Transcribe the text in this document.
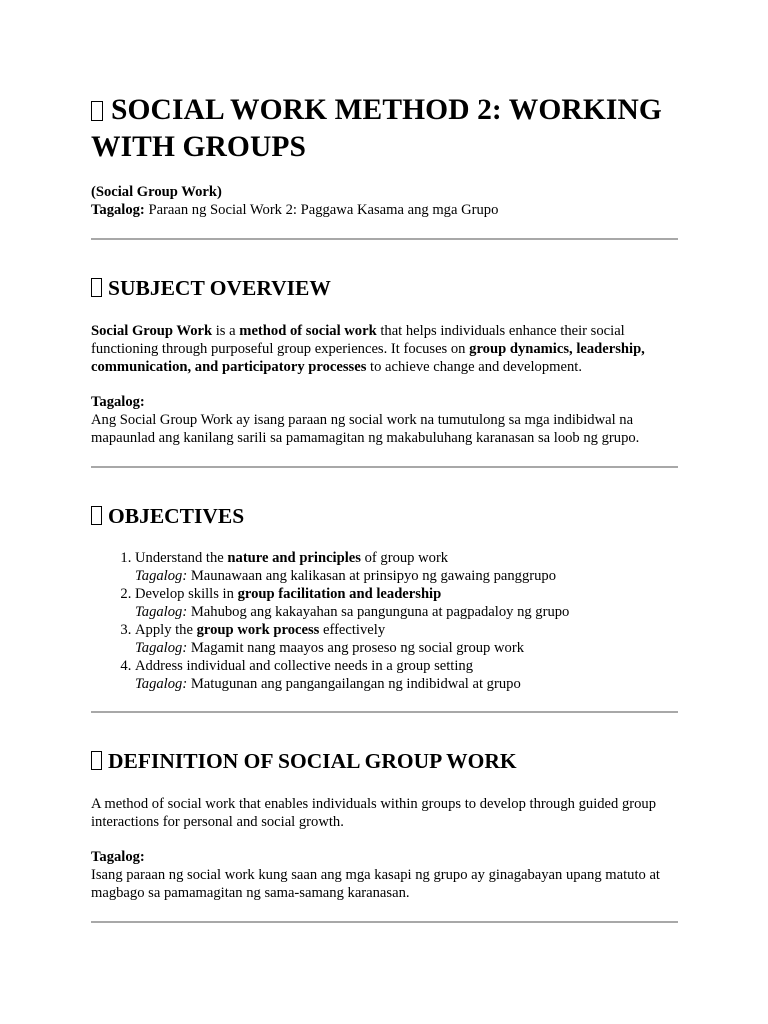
SOCIAL WORK METHOD 2: WORKING WITH GROUPS

(Social Group Work)
Tagalog: Paraan ng Social Work 2: Paggawa Kasama ang mga Grupo

SUBJECT OVERVIEW

Social Group Work is a method of social work that helps individuals enhance their social functioning through purposeful group experiences. It focuses on group dynamics, leadership, communication, and participatory processes to achieve change and development.

Tagalog:
Ang Social Group Work ay isang paraan ng social work na tumutulong sa mga indibidwal na mapaunlad ang kanilang sarili sa pamamagitan ng makabuluhang karanasan sa loob ng grupo.

OBJECTIVES
1. Understand the nature and principles of group work
Tagalog: Maunawaan ang kalikasan at prinsipyo ng gawaing panggrupo
2. Develop skills in group facilitation and leadership
Tagalog: Mahubog ang kakayahan sa pangunguna at pagpadaloy ng grupo
3. Apply the group work process effectively
Tagalog: Magamit nang maayos ang proseso ng social group work
4. Address individual and collective needs in a group setting
Tagalog: Matugunan ang pangangailangan ng indibidwal at grupo
DEFINITION OF SOCIAL GROUP WORK

A method of social work that enables individuals within groups to develop through guided group interactions for personal and social growth.

Tagalog:
Isang paraan ng social work kung saan ang mga kasapi ng grupo ay ginagabayan upang matuto at magbago sa pamamagitan ng sama-samang karanasan.
